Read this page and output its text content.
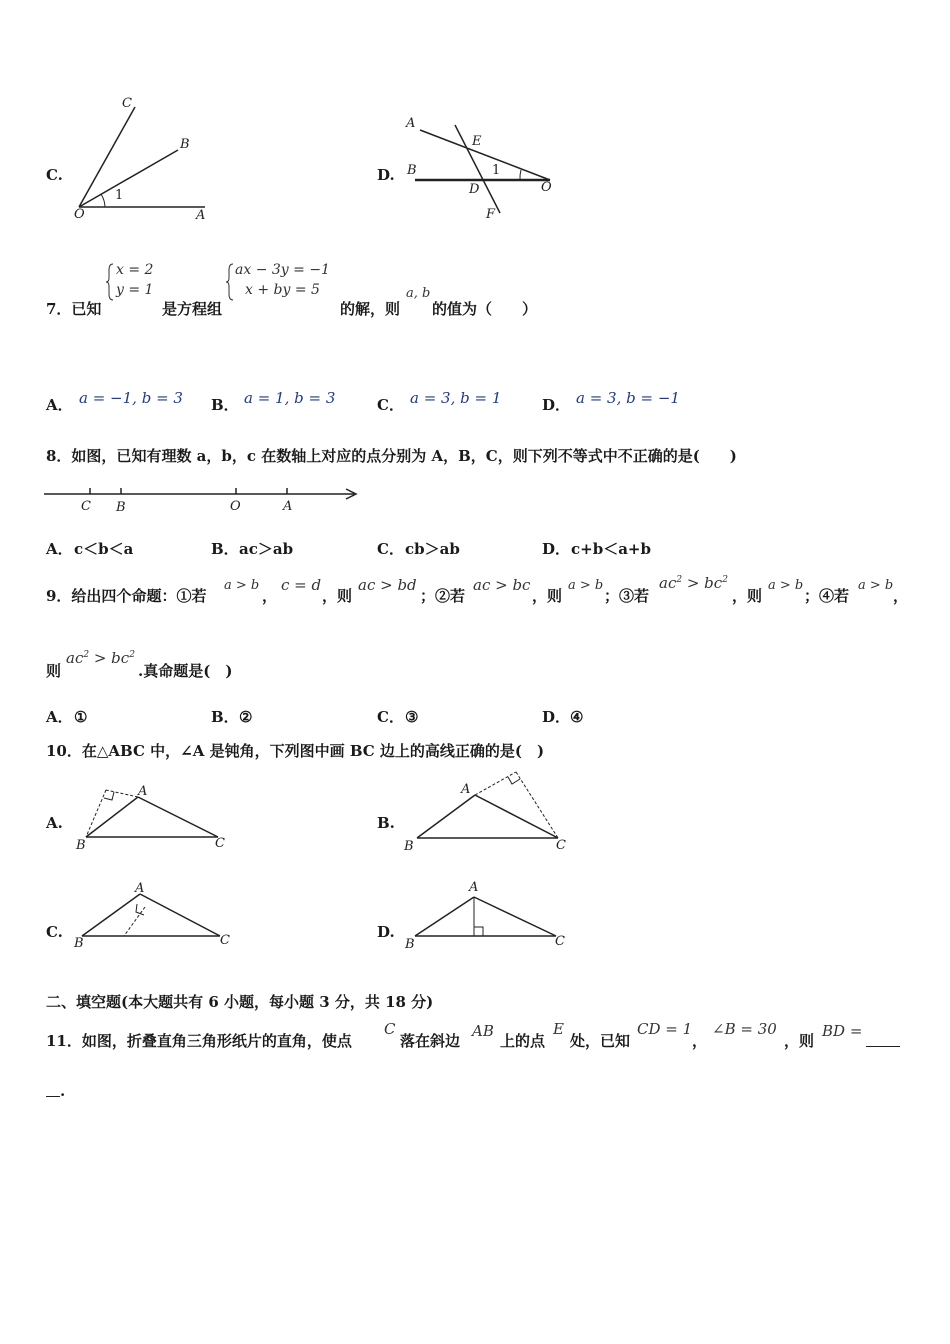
C.
C
B
1
O	A
D.
A
E
1
B
D	O
F
7．已知
x = 2
y = 1
是方程组
ax − 3y = −1
x + by = 5
的解，则
a, b
的值为（　　）
A． a = −1, b = 3 B． a = 1, b = 3	C． a = 3, b = 1	D． a = 3, b = −1
8．如图，已知有理数 a，b，c 在数轴上对应的点分别为 A，B，C，则下列不等式中不正确的是(　　)
C B	O	A
A． c＜b＜a	B． ac＞ab	C． cb＞ab	D． c+b＜a+b
9．给出四个命题：①若
a > b
，
c = d
，则
ac > bd
；②若
ac > bc
，则
a > b
；③若
$ac^2 > bc^2$
，则
a > b
；④若
a > b
，
则
$ac^2 > bc^2$
.真命题是(　)
A． ①	B． ②	C． ③	D． ④
10．在△ABC 中，∠A 是钝角，下列图中画 BC 边上的高线正确的是(　)
A.
A
B	C
B.
A
B	C
C.
A
B	C	D.
A
B	C
二、填空题(本大题共有 6 小题，每小题 3 分，共 18 分)
11．如图，折叠直角三角形纸片的直角，使点
C
落在斜边
AB
上的点
E
处，已知
CD = 1
，
∠B = 30
，则
BD =
.
